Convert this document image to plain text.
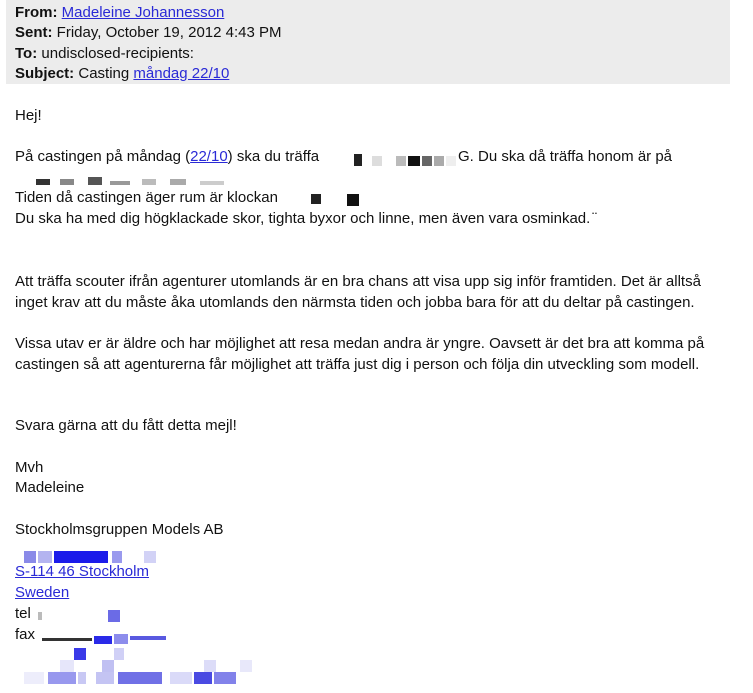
From: Madeleine Johannesson
Sent: Friday, October 19, 2012 4:43 PM
To: undisclosed-recipients:
Subject: Casting måndag 22/10
Hej!
På castingen på måndag (22/10) ska du träffa	G. Du ska då träffa honom är på
Tiden då castingen äger rum är klockan
Du ska ha med dig högklackade skor, tighta byxor och linne, men även vara osminkad. ̈
Att träffa scouter ifrån agenturer utomlands är en bra chans att visa upp sig inför framtiden. Det är alltså inget krav att du måste åka utomlands den närmsta tiden och jobba bara för att du deltar på castingen.
Vissa utav er är äldre och har möjlighet att resa medan andra är yngre. Oavsett är det bra att komma på castingen så att agenturerna får möjlighet att träffa just dig i person och följa din utveckling som modell.
Svara gärna att du fått detta mejl!
Mvh
Madeleine
Stockholmsgruppen Models AB
S-114 46 Stockholm
Sweden
tel
fax
